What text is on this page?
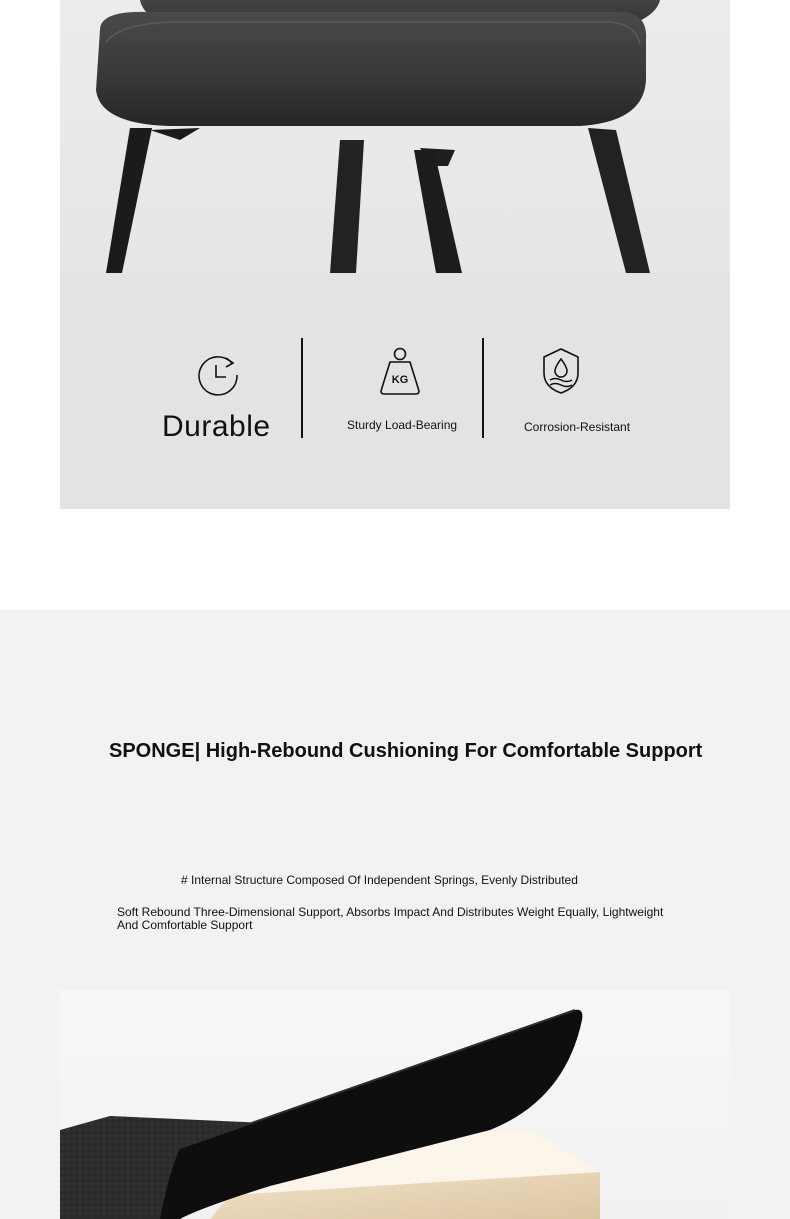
Durable
KG
Sturdy Load-Bearing	Corrosion-Resistant
SPONGE| High-Rebound Cushioning For Comfortable Support
# Internal Structure Composed Of Independent Springs, Evenly Distributed
Soft Rebound Three-Dimensional Support, Absorbs Impact And Distributes Weight Equally, Lightweight And Comfortable Support
